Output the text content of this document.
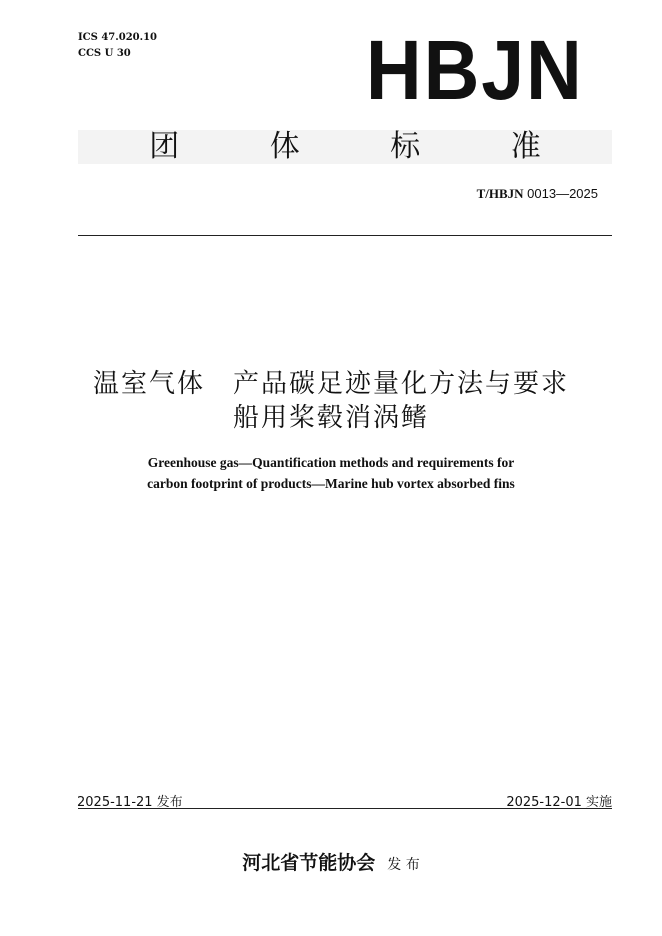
ICS 47.020.10
CCS U 30	HBJN
团	体	标	准
T/HBJN 0013—2025
温室气体　产品碳足迹量化方法与要求
船用桨毂消涡鳍
Greenhouse gas—Quantification methods and requirements for
carbon footprint of products—Marine hub vortex absorbed fins
2025-11-21 发布	2025-12-01 实施
河北省节能协会 发 布
